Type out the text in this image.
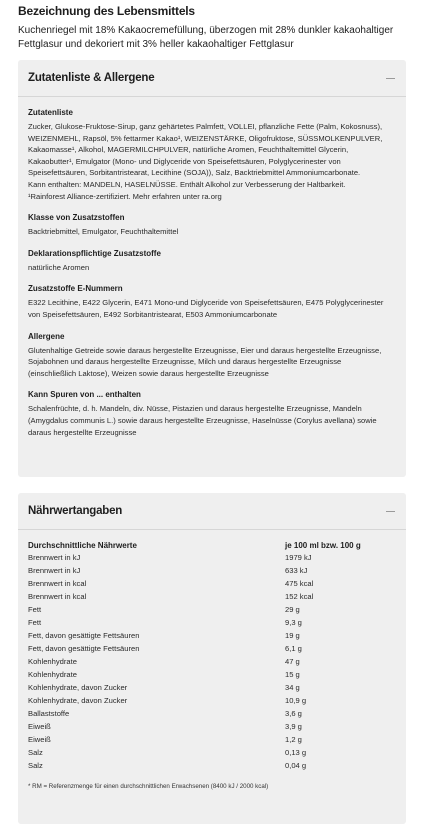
Bezeichnung des Lebensmittels

Kuchenriegel mit 18% Kakaocremefüllung, überzogen mit 28% dunkler kakaohaltiger Fettglasur und dekoriert mit 3% heller kakaohaltiger Fettglasur

Zutatenliste & Allergene
Zutatenliste
Zucker, Glukose-Fruktose-Sirup, ganz gehärtetes Palmfett, VOLLEI, pflanzliche Fette (Palm, Kokosnuss),
WEIZENMEHL, Rapsöl, 5% fettarmer Kakao¹, WEIZENSTÄRKE, Oligofruktose, SÜSSMOLKENPULVER,
Kakaomasse¹, Alkohol, MAGERMILCHPULVER, natürliche Aromen, Feuchthaltemittel Glycerin,
Kakaobutter¹, Emulgator (Mono- und Diglyceride von Speisefettsäuren, Polyglycerinester von
Speisefettsäuren, Sorbitantristearat, Lecithine (SOJA)), Salz, Backtriebmittel Ammoniumcarbonate.
Kann enthalten: MANDELN, HASELNÜSSE. Enthält Alkohol zur Verbesserung der Haltbarkeit.
¹Rainforest Alliance-zertifiziert. Mehr erfahren unter ra.org
Klasse von Zusatzstoffen
Backtriebmittel, Emulgator, Feuchthaltemittel
Deklarationspflichtige Zusatzstoffe
natürliche Aromen
Zusatzstoffe E-Nummern
E322 Lecithine, E422 Glycerin, E471 Mono-und Diglyceride von Speisefettsäuren, E475 Polyglycerinester
von Speisefettsäuren, E492 Sorbitantristearat, E503 Ammoniumcarbonate
Allergene
Glutenhaltige Getreide sowie daraus hergestellte Erzeugnisse, Eier und daraus hergestellte Erzeugnisse,
Sojabohnen und daraus hergestellte Erzeugnisse, Milch und daraus hergestellte Erzeugnisse
(einschließlich Laktose), Weizen sowie daraus hergestellte Erzeugnisse
Kann Spuren von ... enthalten
Schalenfrüchte, d. h. Mandeln, div. Nüsse, Pistazien und daraus hergestellte Erzeugnisse, Mandeln
(Amygdalus communis L.) sowie daraus hergestellte Erzeugnisse, Haselnüsse (Corylus avellana) sowie
daraus hergestellte Erzeugnisse
Nährwertangaben
Durchschnittliche Nährwerte	je 100 ml bzw. 100 g
Brennwert in kJ	1979 kJ
Brennwert in kJ	633 kJ
Brennwert in kcal	475 kcal
Brennwert in kcal	152 kcal
Fett	29 g
Fett	9,3 g
Fett, davon gesättigte Fettsäuren	19 g
Fett, davon gesättigte Fettsäuren	6,1 g
Kohlenhydrate	47 g
Kohlenhydrate	15 g
Kohlenhydrate, davon Zucker	34 g
Kohlenhydrate, davon Zucker	10,9 g
Ballaststoffe	3,6 g
Eiweiß	3,9 g
Eiweiß	1,2 g
Salz	0,13 g
Salz	0,04 g

* RM = Referenzmenge für einen durchschnittlichen Erwachsenen (8400 kJ / 2000 kcal)
